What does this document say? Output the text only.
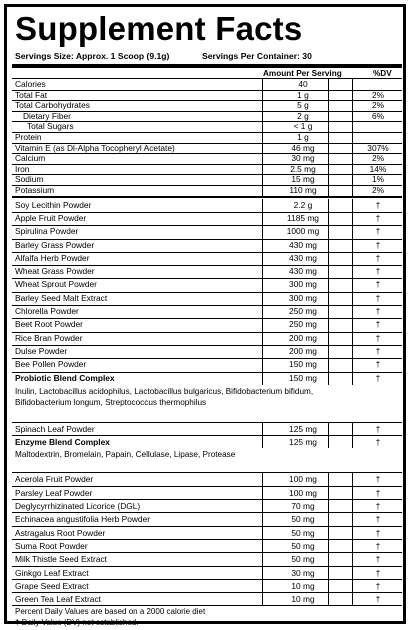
Supplement Facts
Servings Size: Approx. 1 Scoop (9.1g)	Servings Per Container: 30
Amount Per Serving	%DV
Calories	40
Total Fat	1 g	2%
Total Carbohydrates	5 g	2%
Dietary Fiber	2 g	6%
Total Sugars	< 1 g
Protein	1 g
Vitamin E (as Dl-Alpha Tocopheryl Acetate)	46 mg	307%
Calcium	30 mg	2%
Iron	2.5 mg	14%
Sodium	15 mg	1%
Potassium	110 mg	2%
Soy Lecithin Powder	2.2 g	†
Apple Fruit Powder	1185 mg	†
Spirulina Powder	1000 mg	†
Barley Grass Powder	430 mg	†
Alfalfa Herb Powder	430 mg	†
Wheat Grass Powder	430 mg	†
Wheat Sprout Powder	300 mg	†
Barley Seed Malt Extract	300 mg	†
Chlorella Powder	250 mg	†
Beet Root Powder	250 mg	†
Rice Bran Powder	200 mg	†
Dulse Powder	200 mg	†
Bee Pollen Powder	150 mg	†
Probiotic Blend Complex	150 mg	†
Inulin, Lactobacillus acidophilus, Lactobacillus bulgaricus, Bifidobacterium bifidum, Bifidobacterium longum, Streptococcus thermophilus
Spinach Leaf Powder	125 mg	†
Enzyme Blend Complex	125 mg	†
Maltodextrin, Bromelain, Papain, Cellulase, Lipase, Protease
Acerola Fruit Powder	100 mg	†
Parsley Leaf Powder	100 mg	†
Deglycyrrhizinated Licorice (DGL)	70 mg	†
Echinacea angustifolia Herb Powder	50 mg	†
Astragalus Root Powder	50 mg	†
Suma Root Powder	50 mg	†
Milk Thistle Seed Extract	50 mg	†
Ginkgo Leaf Extract	30 mg	†
Grape Seed Extract	10 mg	†
Green Tea Leaf Extract	10 mg	†
Percent Daily Values are based on a 2000 calorie diet
† Daily Value (DV) not established.
